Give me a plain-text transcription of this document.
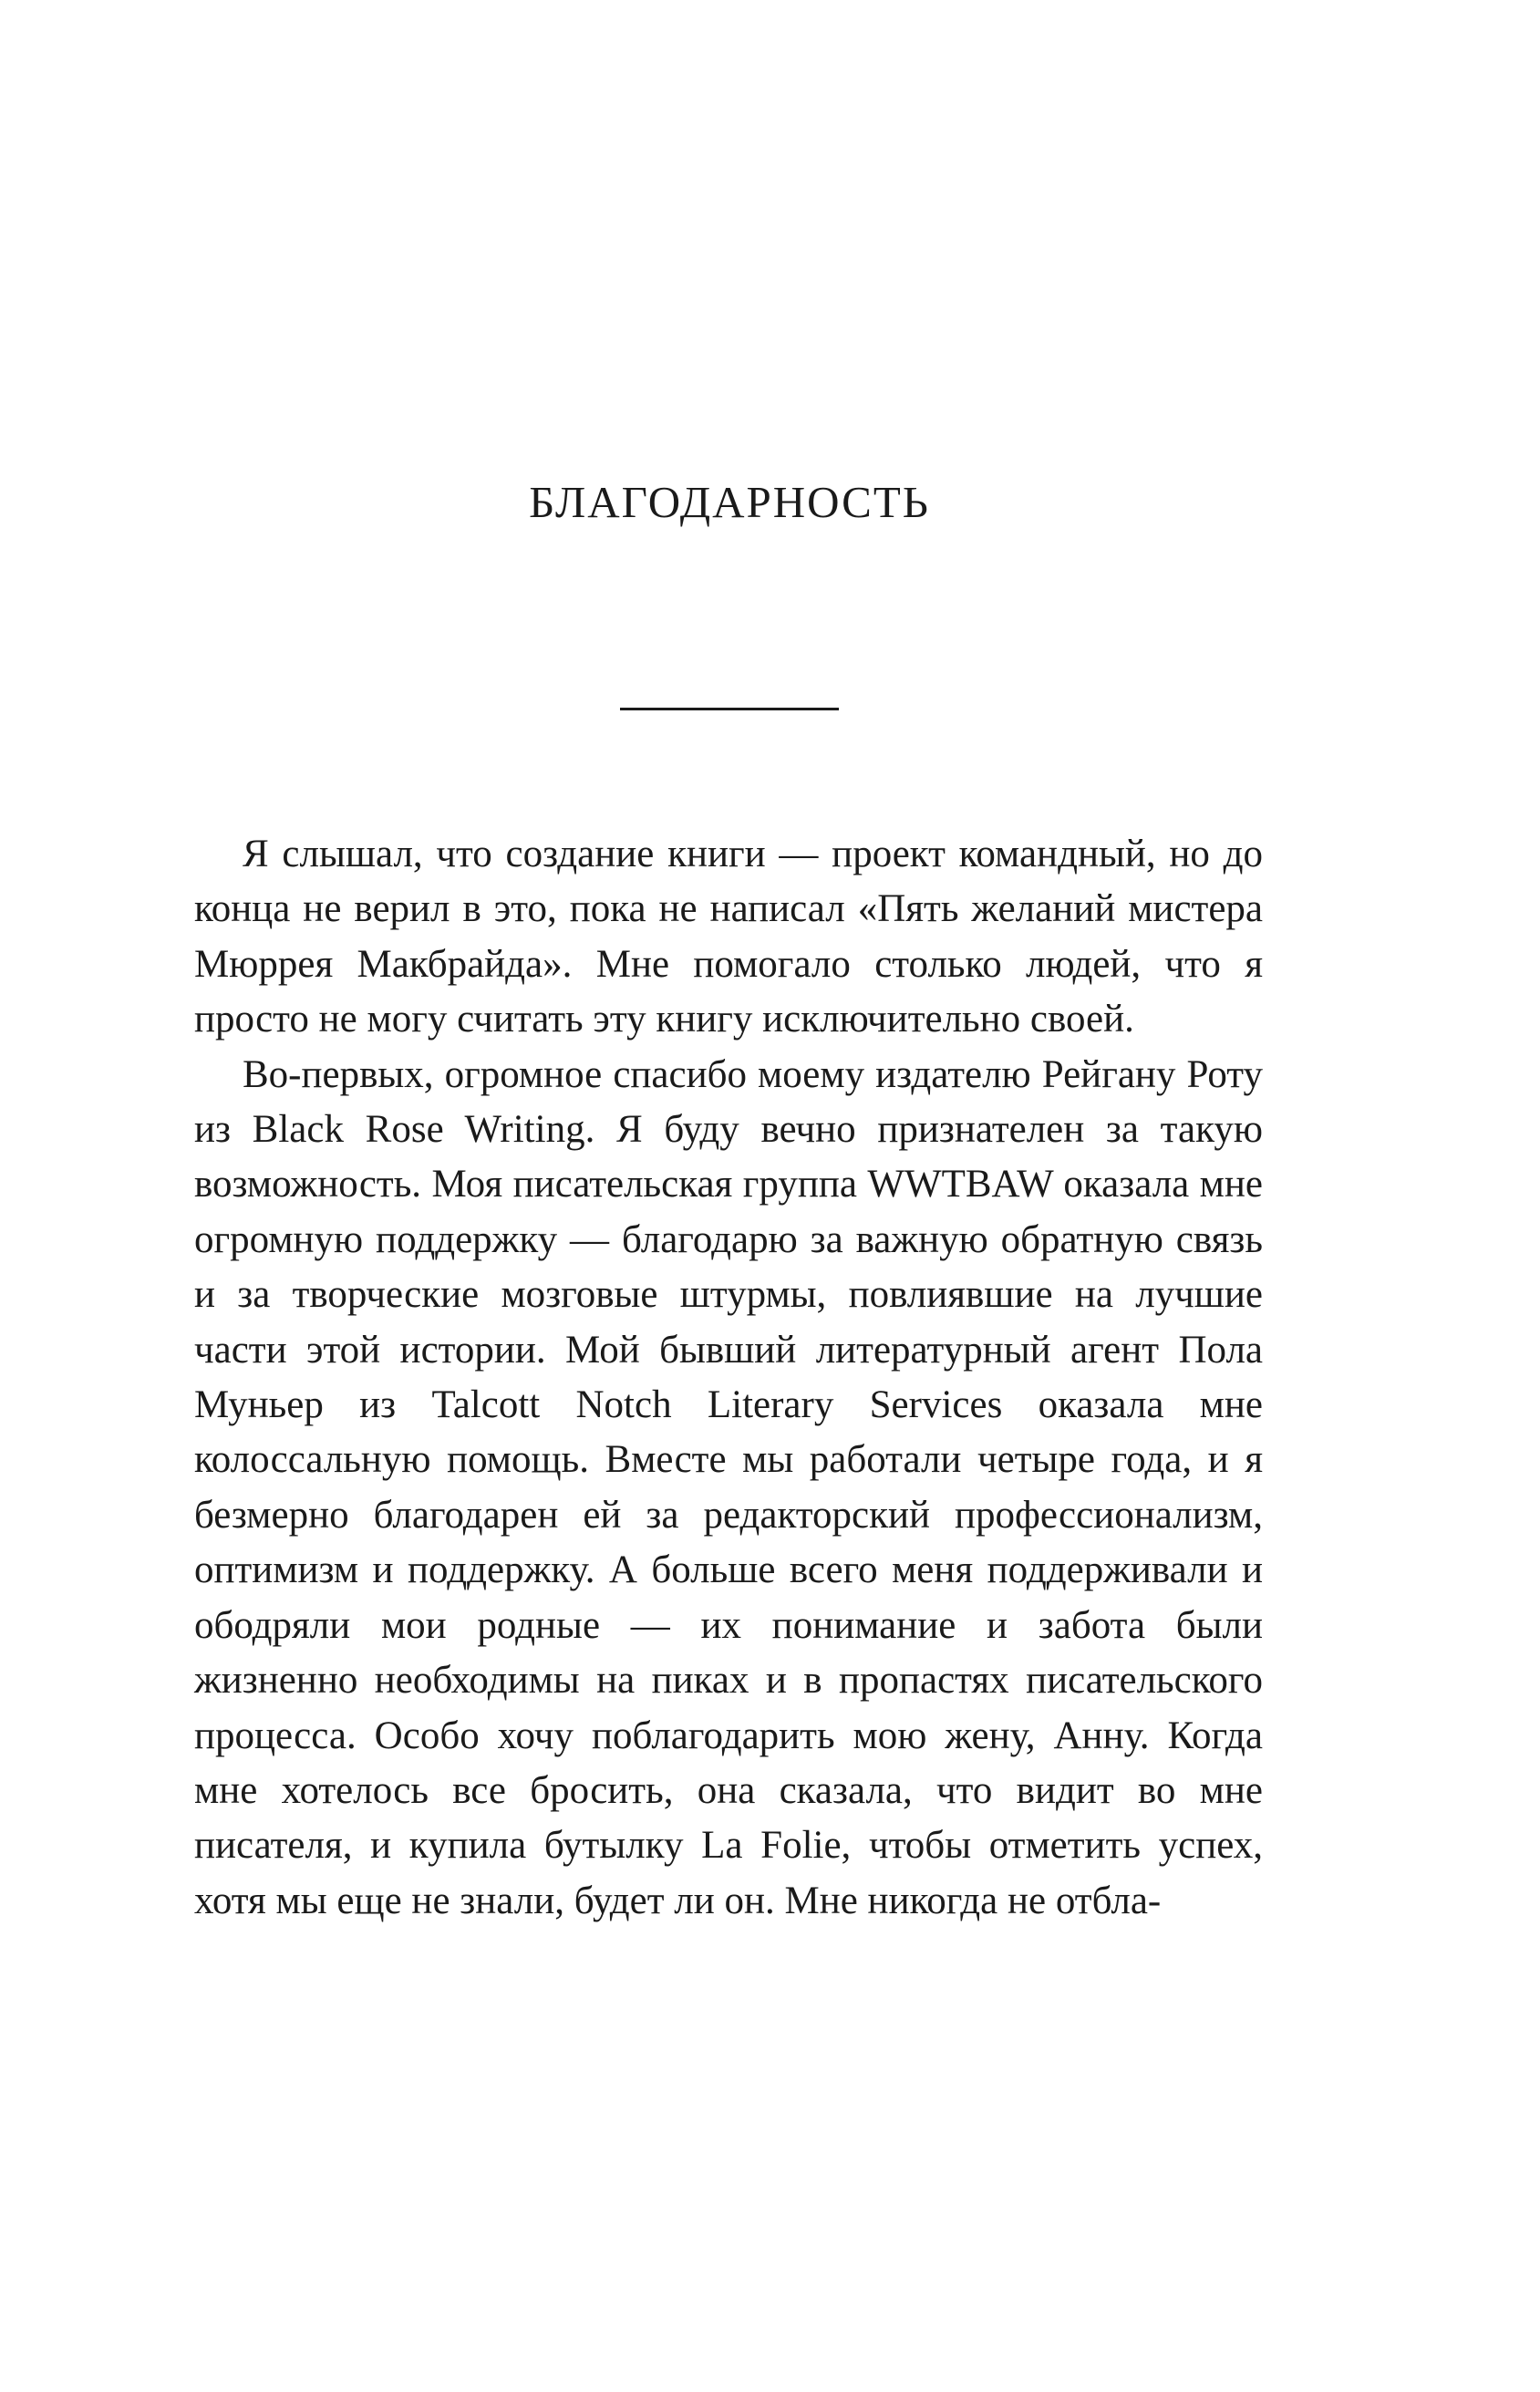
БЛАГОДАРНОСТЬ

Я слышал, что создание книги — проект командный, но до конца не верил в это, пока не написал «Пять желаний мистера Мюррея Макбрайда». Мне помогало столько людей, что я просто не могу считать эту книгу исключительно своей.

Во-первых, огромное спасибо моему издателю Рейгану Роту из Black Rose Writing. Я буду вечно признателен за такую возможность. Моя писательская группа WWTBAW оказала мне огромную поддержку — благодарю за важную обратную связь и за творческие мозговые штурмы, повлиявшие на лучшие части этой истории. Мой бывший литературный агент Пола Муньер из Talcott Notch Literary Services оказала мне колоссальную помощь. Вместе мы работали четыре года, и я безмерно благодарен ей за редакторский профессионализм, оптимизм и поддержку. А больше всего меня поддерживали и ободряли мои родные — их понимание и забота были жизненно необходимы на пиках и в пропастях писательского процесса. Особо хочу поблагодарить мою жену, Анну. Когда мне хотелось все бросить, она сказала, что видит во мне писателя, и купила бутылку La Folie, чтобы отметить успех, хотя мы еще не знали, будет ли он. Мне никогда не отбла-
